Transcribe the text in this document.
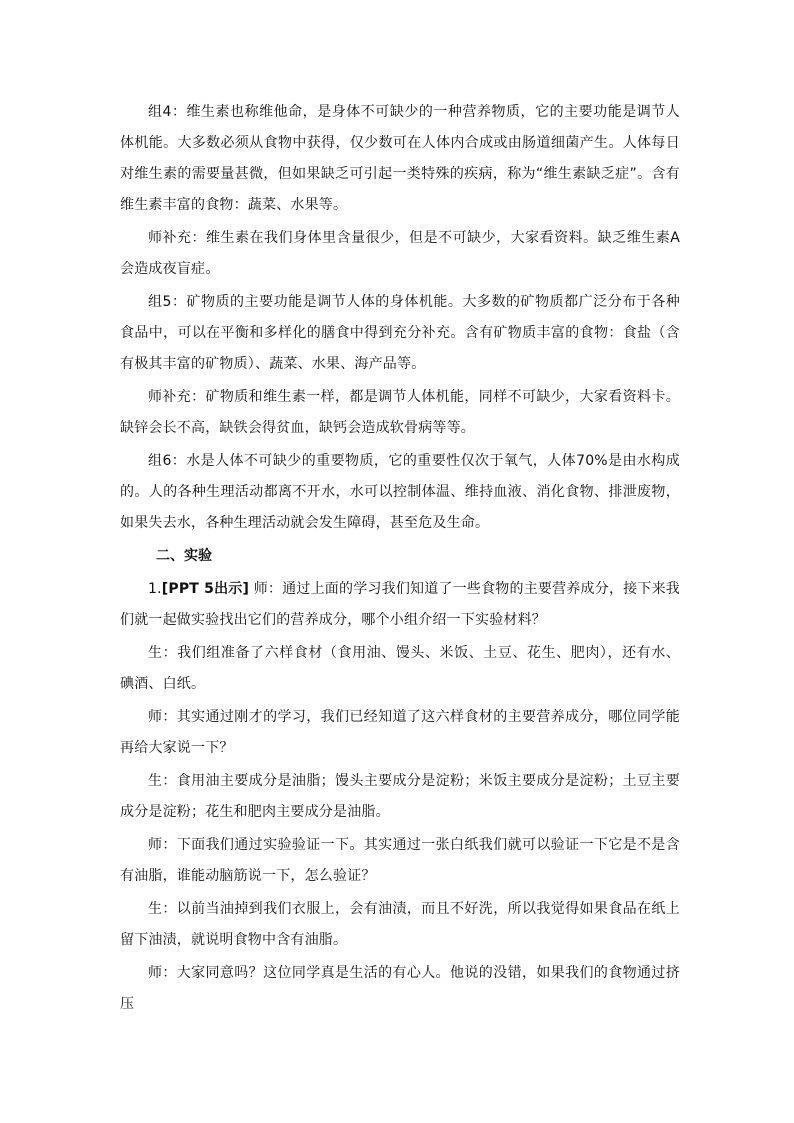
组4：维生素也称维他命，是身体不可缺少的一种营养物质，它的主要功能是调节人体机能。大多数必须从食物中获得，仅少数可在人体内合成或由肠道细菌产生。人体每日对维生素的需要量甚微，但如果缺乏可引起一类特殊的疾病，称为“维生素缺乏症”。含有维生素丰富的食物：蔬菜、水果等。

师补充：维生素在我们身体里含量很少，但是不可缺少，大家看资料。缺乏维生素A会造成夜盲症。

组5：矿物质的主要功能是调节人体的身体机能。大多数的矿物质都广泛分布于各种食品中，可以在平衡和多样化的膳食中得到充分补充。含有矿物质丰富的食物：食盐（含有极其丰富的矿物质）、蔬菜、水果、海产品等。

师补充：矿物质和维生素一样，都是调节人体机能，同样不可缺少，大家看资料卡。缺锌会长不高，缺铁会得贫血，缺钙会造成软骨病等等。

组6：水是人体不可缺少的重要物质，它的重要性仅次于氧气，人体70%是由水构成的。人的各种生理活动都离不开水，水可以控制体温、维持血液、消化食物、排泄废物，如果失去水，各种生理活动就会发生障碍，甚至危及生命。

二、实验

1.[PPT 5出示] 师：通过上面的学习我们知道了一些食物的主要营养成分，接下来我们就一起做实验找出它们的营养成分，哪个小组介绍一下实验材料？

生：我们组准备了六样食材（食用油、馒头、米饭、土豆、花生、肥肉），还有水、碘酒、白纸。

师：其实通过刚才的学习，我们已经知道了这六样食材的主要营养成分，哪位同学能再给大家说一下？

生：食用油主要成分是油脂；馒头主要成分是淀粉；米饭主要成分是淀粉；土豆主要成分是淀粉；花生和肥肉主要成分是油脂。

师：下面我们通过实验验证一下。其实通过一张白纸我们就可以验证一下它是不是含有油脂，谁能动脑筋说一下，怎么验证？

生：以前当油掉到我们衣服上，会有油渍，而且不好洗，所以我觉得如果食品在纸上留下油渍，就说明食物中含有油脂。

师：大家同意吗？这位同学真是生活的有心人。他说的没错，如果我们的食物通过挤压
